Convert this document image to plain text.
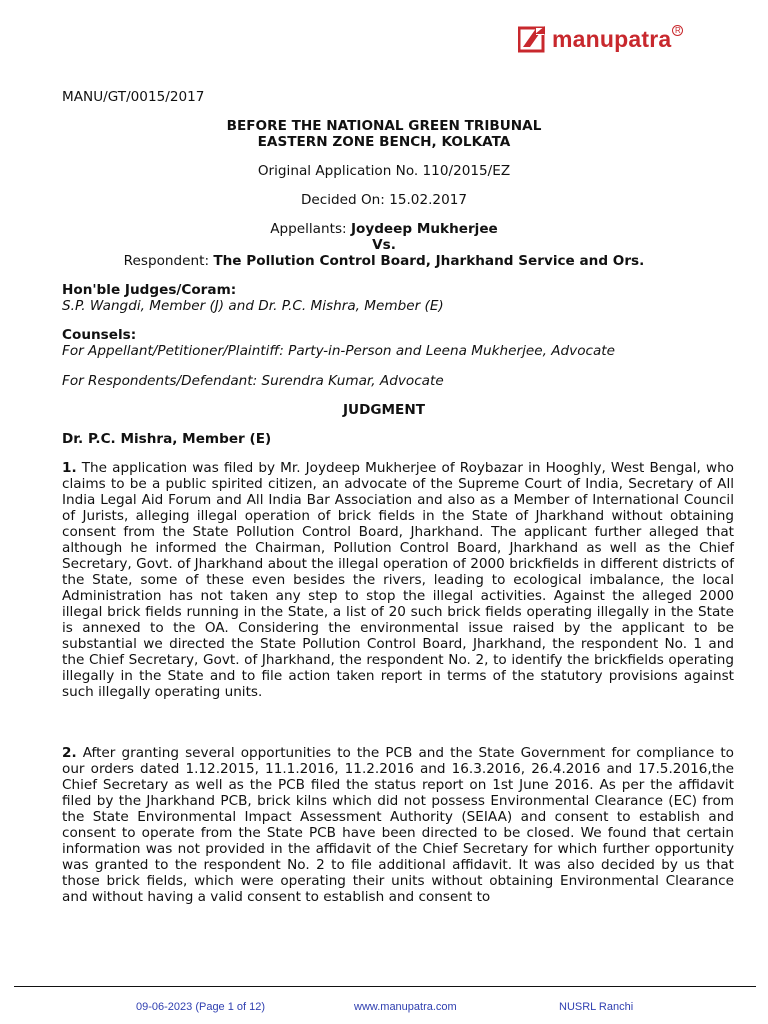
manupatra R
MANU/GT/0015/2017
BEFORE THE NATIONAL GREEN TRIBUNAL
EASTERN ZONE BENCH, KOLKATA
Original Application No. 110/2015/EZ
Decided On: 15.02.2017
Appellants: Joydeep Mukherjee
Vs.
Respondent: The Pollution Control Board, Jharkhand Service and Ors.
Hon'ble Judges/Coram:
S.P. Wangdi, Member (J) and Dr. P.C. Mishra, Member (E)
Counsels:
For Appellant/Petitioner/Plaintiff: Party-in-Person and Leena Mukherjee, Advocate
For Respondents/Defendant: Surendra Kumar, Advocate
JUDGMENT
Dr. P.C. Mishra, Member (E)
1. The application was filed by Mr. Joydeep Mukherjee of Roybazar in Hooghly, West Bengal, who claims to be a public spirited citizen, an advocate of the Supreme Court of India, Secretary of All India Legal Aid Forum and All India Bar Association and also as a Member of International Council of Jurists, alleging illegal operation of brick fields in the State of Jharkhand without obtaining consent from the State Pollution Control Board, Jharkhand. The applicant further alleged that although he informed the Chairman, Pollution Control Board, Jharkhand as well as the Chief Secretary, Govt. of Jharkhand about the illegal operation of 2000 brickfields in different districts of the State, some of these even besides the rivers, leading to ecological imbalance, the local Administration has not taken any step to stop the illegal activities. Against the alleged 2000 illegal brick fields running in the State, a list of 20 such brick fields operating illegally in the State is annexed to the OA. Considering the environmental issue raised by the applicant to be substantial we directed the State Pollution Control Board, Jharkhand, the respondent No. 1 and the Chief Secretary, Govt. of Jharkhand, the respondent No. 2, to identify the brickfields operating illegally in the State and to file action taken report in terms of the statutory provisions against such illegally operating units.
2. After granting several opportunities to the PCB and the State Government for compliance to our orders dated 1.12.2015, 11.1.2016, 11.2.2016 and 16.3.2016, 26.4.2016 and 17.5.2016,the Chief Secretary as well as the PCB filed the status report on 1st June 2016. As per the affidavit filed by the Jharkhand PCB, brick kilns which did not possess Environmental Clearance (EC) from the State Environmental Impact Assessment Authority (SEIAA) and consent to establish and consent to operate from the State PCB have been directed to be closed. We found that certain information was not provided in the affidavit of the Chief Secretary for which further opportunity was granted to the respondent No. 2 to file additional affidavit. It was also decided by us that those brick fields, which were operating their units without obtaining Environmental Clearance and without having a valid consent to establish and consent to
09-06-2023 (Page 1 of 12)	www.manupatra.com	NUSRL Ranchi
